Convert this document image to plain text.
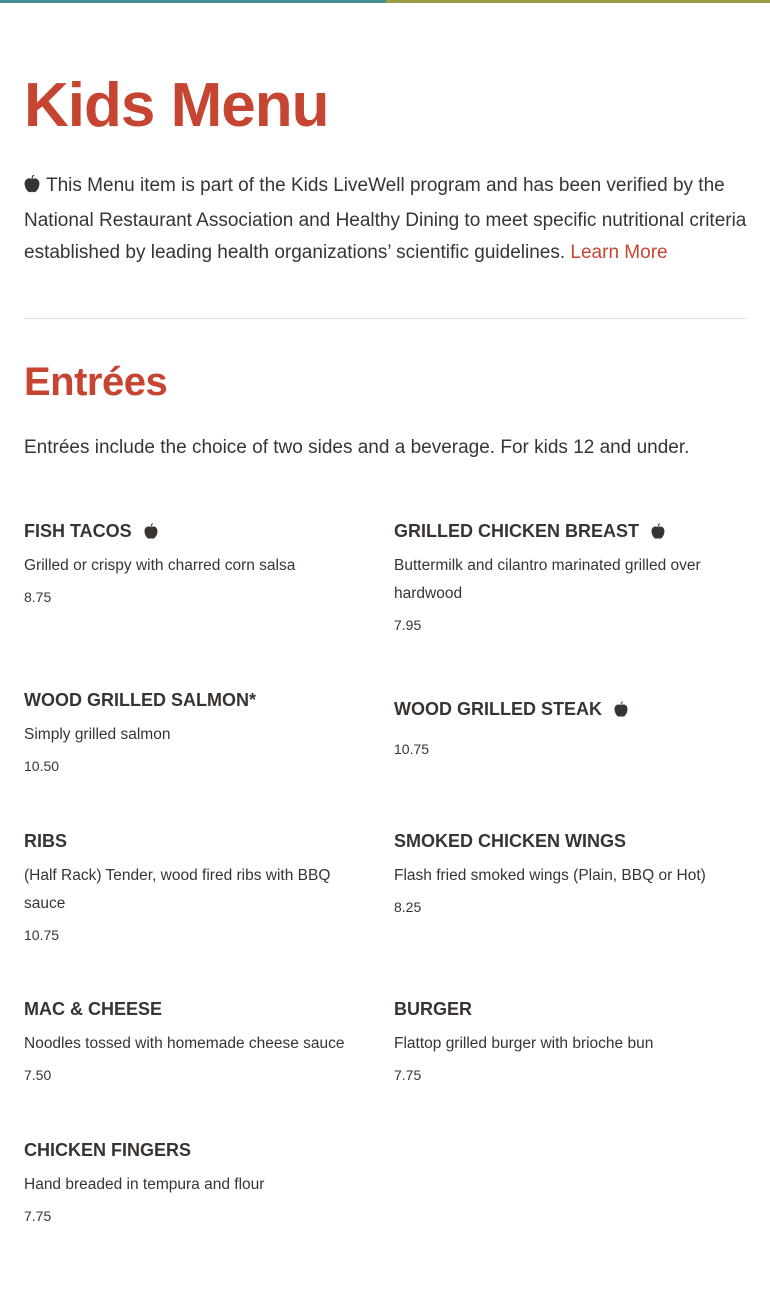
Kids Menu

This Menu item is part of the Kids LiveWell program and has been verified by the National Restaurant Association and Healthy Dining to meet specific nutritional criteria established by leading health organizations’ scientific guidelines. Learn More

Entrées

Entrées include the choice of two sides and a beverage. For kids 12 and under.

FISH TACOS

Grilled or crispy with charred corn salsa

8.75

GRILLED CHICKEN BREAST

Buttermilk and cilantro marinated grilled over hardwood

7.95

WOOD GRILLED SALMON*

Simply grilled salmon

10.50

WOOD GRILLED STEAK

10.75

RIBS

(Half Rack) Tender, wood fired ribs with BBQ sauce

10.75

SMOKED CHICKEN WINGS

Flash fried smoked wings (Plain, BBQ or Hot)

8.25

MAC & CHEESE

Noodles tossed with homemade cheese sauce

7.50

BURGER

Flattop grilled burger with brioche bun

7.75

CHICKEN FINGERS

Hand breaded in tempura and flour

7.75
